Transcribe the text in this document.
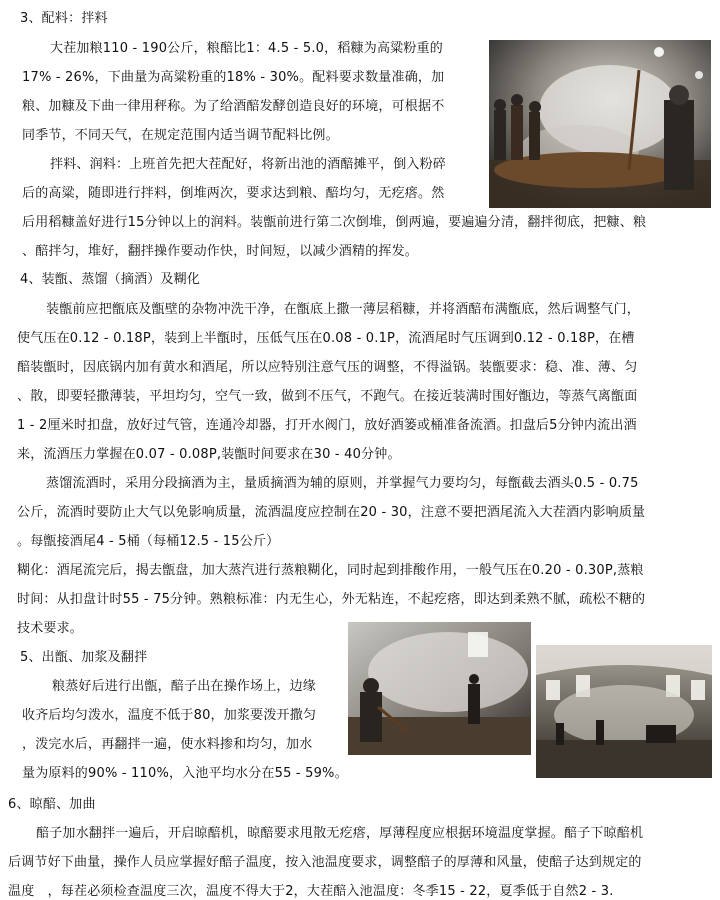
3、配料：拌料
大茬加粮110 - 190公斤，粮醅比1：4.5 - 5.0，稻糠为高粱粉重的
17% - 26%，下曲量为高粱粉重的18% - 30%。配料要求数量准确，加
粮、加糠及下曲一律用秤称。为了给酒醅发酵创造良好的环境，可根据不
同季节，不同天气，在规定范围内适当调节配料比例。
拌料、润料：上班首先把大茬配好，将新出池的酒醅摊平，倒入粉碎
后的高粱，随即进行拌料，倒堆两次，要求达到粮、醅均匀，无疙瘩。然
后用稻糠盖好进行15分钟以上的润料。装甑前进行第二次倒堆，倒两遍，要遍遍分清，翻拌彻底，把糠、粮
、醅拌匀，堆好，翻拌操作要动作快，时间短，以减少酒精的挥发。
4、装甑、蒸馏（摘酒）及糊化
装甑前应把甑底及甑壁的杂物冲洗干净，在甑底上撒一薄层稻糠，并将酒醅布满甑底，然后调整气门，
使气压在0.12 - 0.18P，装到上半甑时，压低气压在0.08 - 0.1P，流酒尾时气压调到0.12 - 0.18P，在槽
醅装甑时，因底锅内加有黄水和酒尾，所以应特别注意气压的调整，不得溢锅。装甑要求：稳、准、薄、匀
、散，即要轻撒薄装，平坦均匀，空气一致，做到不压气，不跑气。在接近装满时围好甑边，等蒸气离甑面
1 - 2厘米时扣盘，放好过气管，连通冷却器，打开水阀门，放好酒篓或桶准备流酒。扣盘后5分钟内流出酒
来，流酒压力掌握在0.07 - 0.08P,装甑时间要求在30 - 40分钟。
蒸馏流酒时，采用分段摘酒为主，量质摘酒为辅的原则，并掌握气力要均匀，每甑截去酒头0.5 - 0.75
公斤，流酒时要防止大气以免影响质量，流酒温度应控制在20 - 30，注意不要把酒尾流入大茬酒内影响质量
。每甑接酒尾4 - 5桶（每桶12.5 - 15公斤）
糊化：酒尾流完后，揭去甑盘，加大蒸汽进行蒸粮糊化，同时起到排酸作用，一般气压在0.20 - 0.30P,蒸粮
时间：从扣盘计时55 - 75分钟。熟粮标准：内无生心，外无粘连，不起疙瘩，即达到柔熟不腻，疏松不糖的
技术要求。
5、出甑、加浆及翻拌
粮蒸好后进行出甑，醅子出在操作场上，边缘
收齐后均匀泼水，温度不低于80，加浆要泼开撒匀
，泼完水后，再翻拌一遍，使水料掺和均匀，加水
量为原料的90% - 110%，入池平均水分在55 - 59%。
6、晾醅、加曲
醅子加水翻拌一遍后，开启晾醅机，晾醅要求甩散无疙瘩，厚薄程度应根据环境温度掌握。醅子下晾醅机
后调节好下曲量，操作人员应掌握好醅子温度，按入池温度要求，调整醅子的厚薄和风量，使醅子达到规定的
温度　，每茬必须检查温度三次，温度不得大于2，大茬醅入池温度：冬季15 - 22，夏季低于自然2 - 3.
